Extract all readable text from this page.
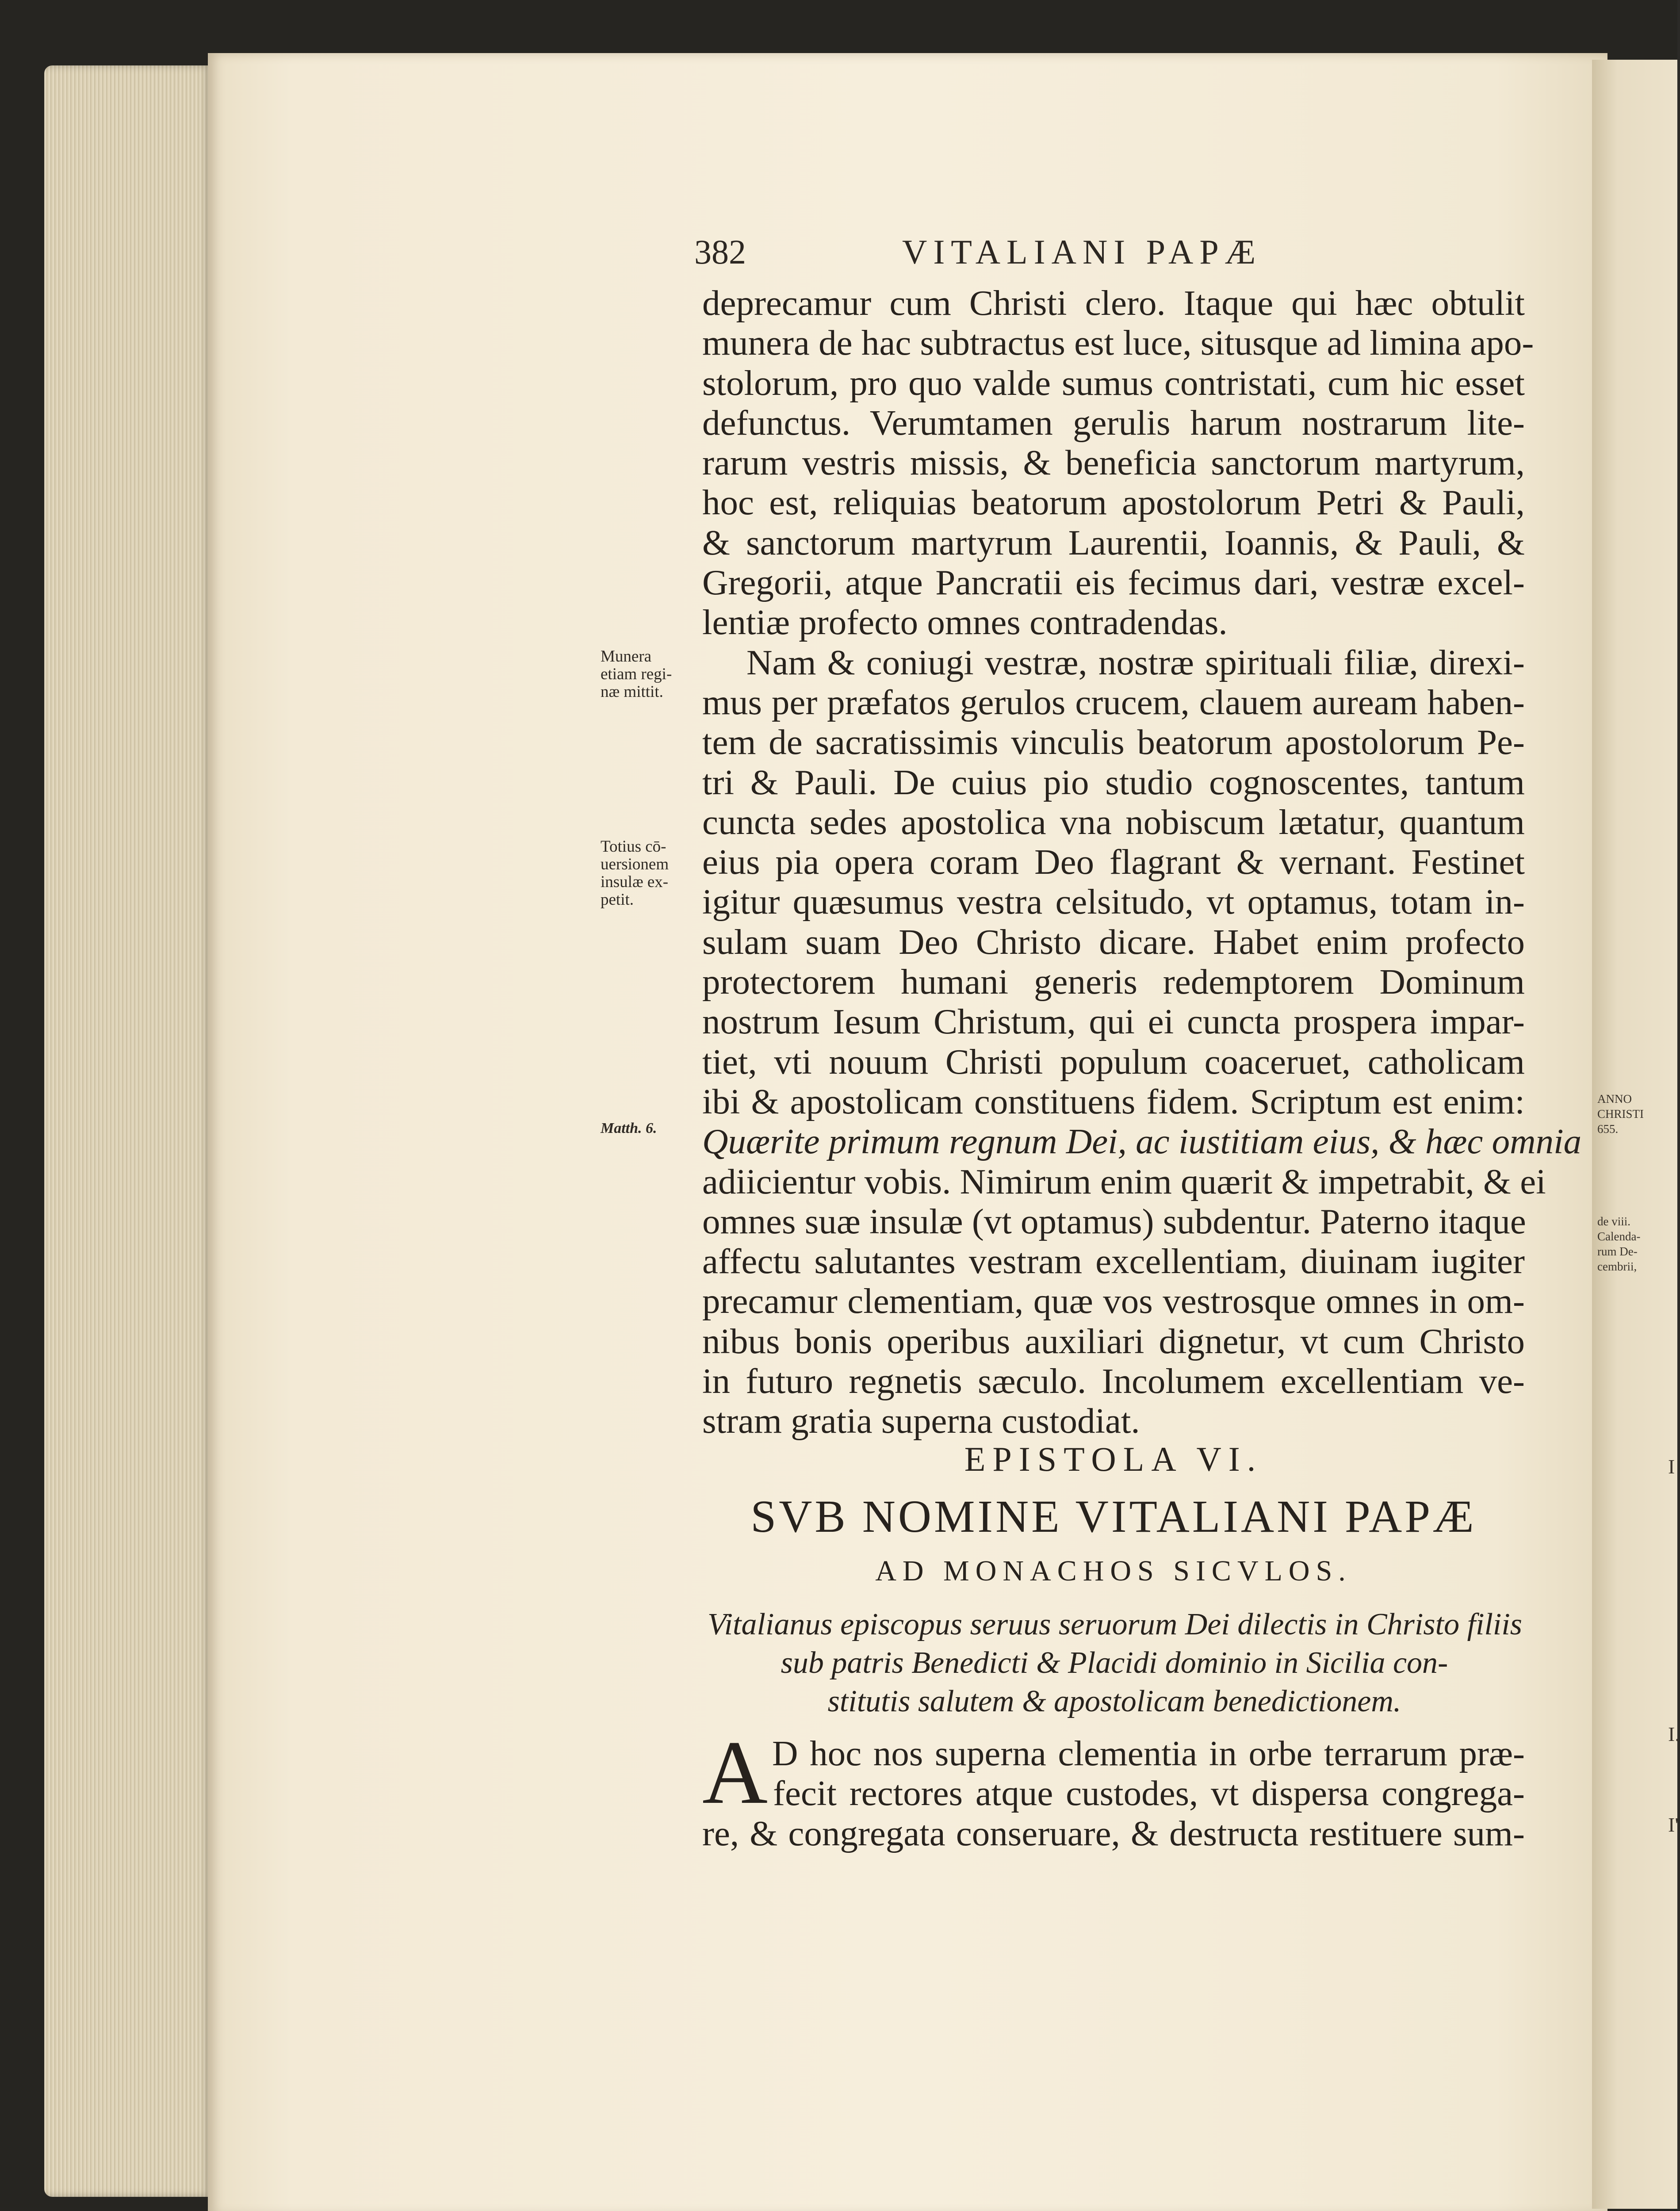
ANNO
CHRISTI
655.
de viii.
Calenda-
rum De-
cembrii,
I
I.
I'
382	VITALIANI PAPÆ
deprecamur cum Christi clero. Itaque qui hæc obtulit
munera de hac subtractus est luce, situsque ad limina apo-
stolorum, pro quo valde sumus contristati, cum hic esset
defunctus. Verumtamen gerulis harum nostrarum lite-
rarum vestris missis, & beneficia sanctorum martyrum,
hoc est, reliquias beatorum apostolorum Petri & Pauli,
& sanctorum martyrum Laurentii, Ioannis, & Pauli, &
Gregorii, atque Pancratii eis fecimus dari, vestræ excel-
lentiæ profecto omnes contradendas.
Nam & coniugi vestræ, nostræ spirituali filiæ, direxi-
mus per præfatos gerulos crucem, clauem auream haben-
tem de sacratissimis vinculis beatorum apostolorum Pe-
tri & Pauli. De cuius pio studio cognoscentes, tantum
cuncta sedes apostolica vna nobiscum lætatur, quantum
eius pia opera coram Deo flagrant & vernant. Festinet
igitur quæsumus vestra celsitudo, vt optamus, totam in-
sulam suam Deo Christo dicare. Habet enim profecto
protectorem humani generis redemptorem Dominum
nostrum Iesum Christum, qui ei cuncta prospera impar-
tiet, vti nouum Christi populum coaceruet, catholicam
ibi & apostolicam constituens fidem. Scriptum est enim:
Quærite primum regnum Dei, ac iustitiam eius, & hæc omnia
adiicientur vobis. Nimirum enim quærit & impetrabit, & ei
omnes suæ insulæ (vt optamus) subdentur. Paterno itaque
affectu salutantes vestram excellentiam, diuinam iugiter
precamur clementiam, quæ vos vestrosque omnes in om-
nibus bonis operibus auxiliari dignetur, vt cum Christo
in futuro regnetis sæculo. Incolumem excellentiam ve-
stram gratia superna custodiat.
Munera
etiam regi-
næ mittit.
Totius cō-
uersionem
insulæ ex-
petit.
Matth. 6.
EPISTOLA VI.
SVB NOMINE VITALIANI PAPÆ
AD MONACHOS SICVLOS.
Vitalianus episcopus seruus seruorum Dei dilectis in Christo filiis
sub patris Benedicti & Placidi dominio in Sicilia con-
stitutis salutem & apostolicam benedictionem.
A D hoc nos superna clementia in orbe terrarum præ-
fecit rectores atque custodes, vt dispersa congrega-
re, & congregata conseruare, & destructa restituere sum-
